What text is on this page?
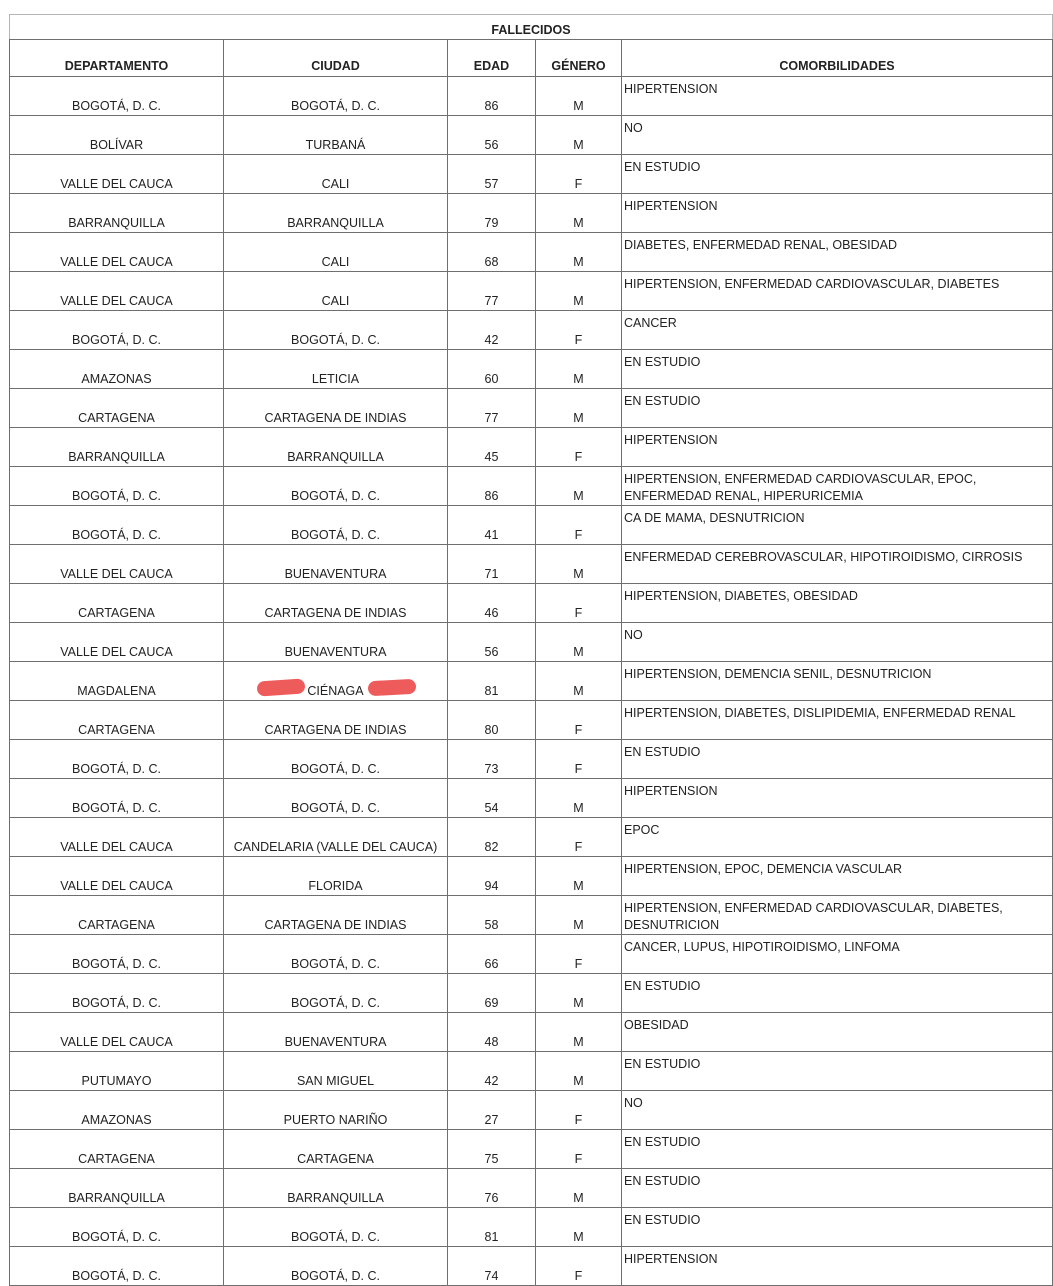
FALLECIDOS				
DEPARTAMENTO	CIUDAD	EDAD	GÉNERO	COMORBILIDADES
BOGOTÁ, D. C.	BOGOTÁ, D. C.	86	M	HIPERTENSION
BOLÍVAR	TURBANÁ	56	M	NO
VALLE DEL CAUCA	CALI	57	F	EN ESTUDIO
BARRANQUILLA	BARRANQUILLA	79	M	HIPERTENSION
VALLE DEL CAUCA	CALI	68	M	DIABETES, ENFERMEDAD RENAL, OBESIDAD
VALLE DEL CAUCA	CALI	77	M	HIPERTENSION, ENFERMEDAD CARDIOVASCULAR, DIABETES
BOGOTÁ, D. C.	BOGOTÁ, D. C.	42	F	CANCER
AMAZONAS	LETICIA	60	M	EN ESTUDIO
CARTAGENA	CARTAGENA DE INDIAS	77	M	EN ESTUDIO
BARRANQUILLA	BARRANQUILLA	45	F	HIPERTENSION
BOGOTÁ, D. C.	BOGOTÁ, D. C.	86	M	HIPERTENSION, ENFERMEDAD CARDIOVASCULAR, EPOC, ENFERMEDAD RENAL, HIPERURICEMIA
BOGOTÁ, D. C.	BOGOTÁ, D. C.	41	F	CA DE MAMA, DESNUTRICION
VALLE DEL CAUCA	BUENAVENTURA	71	M	ENFERMEDAD CEREBROVASCULAR, HIPOTIROIDISMO, CIRROSIS
CARTAGENA	CARTAGENA DE INDIAS	46	F	HIPERTENSION, DIABETES, OBESIDAD
VALLE DEL CAUCA	BUENAVENTURA	56	M	NO
MAGDALENA	CIÉNAGA	81	M	HIPERTENSION, DEMENCIA SENIL, DESNUTRICION
CARTAGENA	CARTAGENA DE INDIAS	80	F	HIPERTENSION, DIABETES, DISLIPIDEMIA, ENFERMEDAD RENAL
BOGOTÁ, D. C.	BOGOTÁ, D. C.	73	F	EN ESTUDIO
BOGOTÁ, D. C.	BOGOTÁ, D. C.	54	M	HIPERTENSION
VALLE DEL CAUCA	CANDELARIA (VALLE DEL CAUCA)	82	F	EPOC
VALLE DEL CAUCA	FLORIDA	94	M	HIPERTENSION, EPOC, DEMENCIA VASCULAR
CARTAGENA	CARTAGENA DE INDIAS	58	M	HIPERTENSION, ENFERMEDAD CARDIOVASCULAR, DIABETES, DESNUTRICION
BOGOTÁ, D. C.	BOGOTÁ, D. C.	66	F	CANCER, LUPUS, HIPOTIROIDISMO, LINFOMA
BOGOTÁ, D. C.	BOGOTÁ, D. C.	69	M	EN ESTUDIO
VALLE DEL CAUCA	BUENAVENTURA	48	M	OBESIDAD
PUTUMAYO	SAN MIGUEL	42	M	EN ESTUDIO
AMAZONAS	PUERTO NARIÑO	27	F	NO
CARTAGENA	CARTAGENA	75	F	EN ESTUDIO
BARRANQUILLA	BARRANQUILLA	76	M	EN ESTUDIO
BOGOTÁ, D. C.	BOGOTÁ, D. C.	81	M	EN ESTUDIO
BOGOTÁ, D. C.	BOGOTÁ, D. C.	74	F	HIPERTENSION
